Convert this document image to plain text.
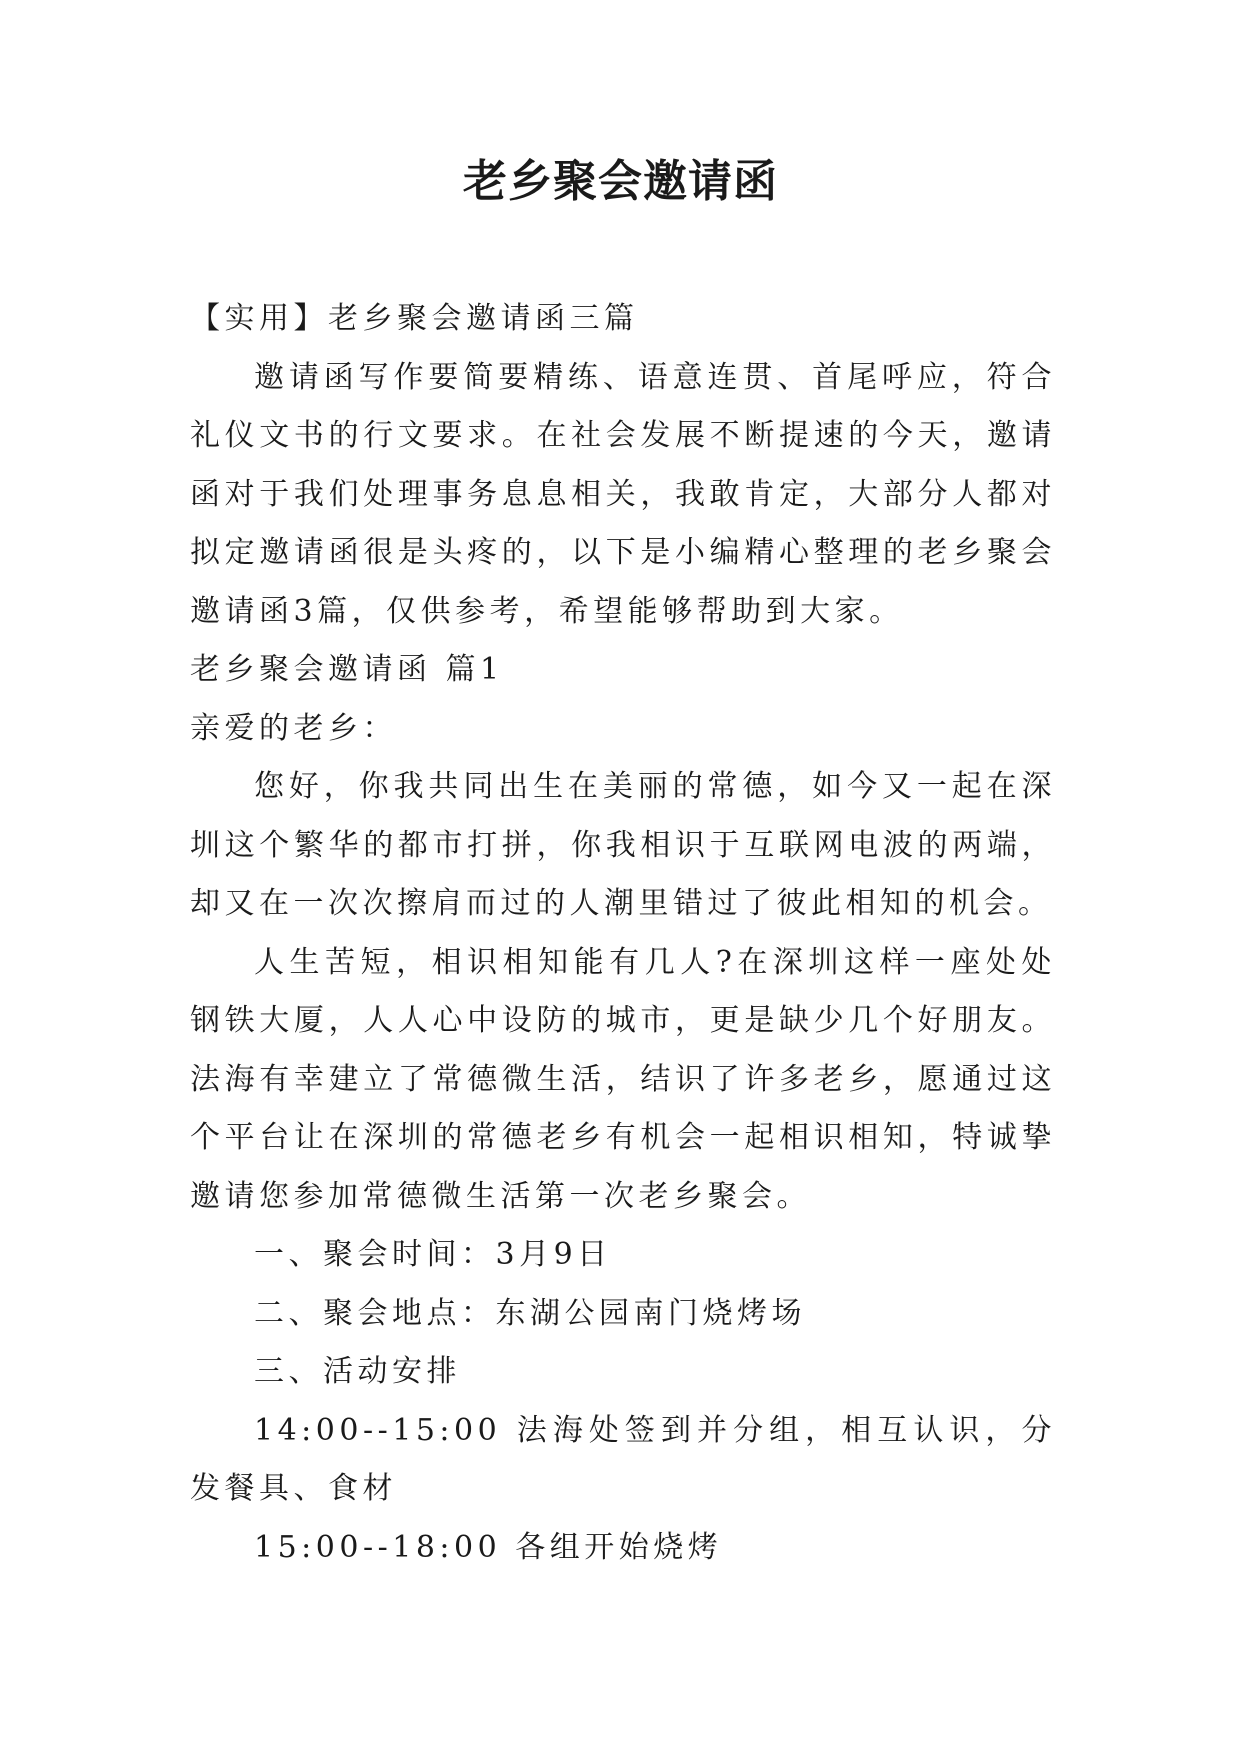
老乡聚会邀请函

【实用】老乡聚会邀请函三篇

邀请函写作要简要精练、语意连贯、首尾呼应，符合礼仪文书的行文要求。在社会发展不断提速的今天，邀请函对于我们处理事务息息相关，我敢肯定，大部分人都对拟定邀请函很是头疼的，以下是小编精心整理的老乡聚会邀请函3篇，仅供参考，希望能够帮助到大家。

老乡聚会邀请函 篇1

亲爱的老乡：

您好，你我共同出生在美丽的常德，如今又一起在深圳这个繁华的都市打拼，你我相识于互联网电波的两端，却又在一次次擦肩而过的人潮里错过了彼此相知的机会。

人生苦短，相识相知能有几人?在深圳这样一座处处钢铁大厦，人人心中设防的城市，更是缺少几个好朋友。法海有幸建立了常德微生活，结识了许多老乡，愿通过这个平台让在深圳的常德老乡有机会一起相识相知，特诚挚邀请您参加常德微生活第一次老乡聚会。

一、聚会时间：3月9日

二、聚会地点：东湖公园南门烧烤场

三、活动安排

14:00--15:00 法海处签到并分组，相互认识，分发餐具、食材

15:00--18:00 各组开始烧烤
